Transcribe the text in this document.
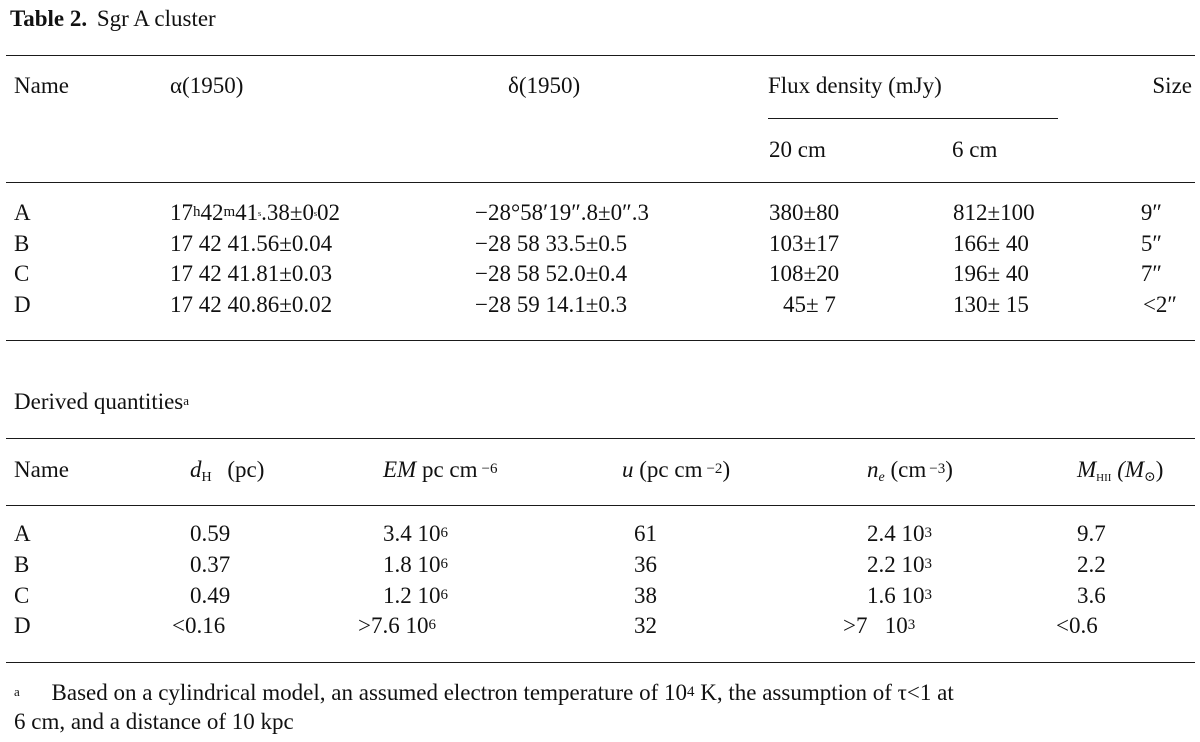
Table 2. Sgr A cluster
Name	α(1950)	δ(1950)	Flux density (mJy)	Size
20 cm	6 cm
A	$17^h42^m41ˢ.38\pm 0ˢ02$	−28°58′19″.8±0″.3	380±80	812±100	9″
B	17 42 41.56±0.04	−28 58 33.5±0.5	103±17	166± 40	5″
C	17 42 41.81±0.03	−28 58 52.0±0.4	108±20	196± 40	7″
D	17 42 40.86±0.02	−28 59 14.1±0.3	45± 7	130± 15	<2″
Derived quantities$^a$
Name	$d_H$ (pc)	EM pc cm $^{-6}$	u (pc cm $^{-2}$)	$n_e$ (cm $^{-3}$)	$M_{HII}$ $(M_⊙)$
A	0.59	3.4 $10^6$	61	2.4 $10^3$	9.7
B	0.37	1.8 $10^6$	36	2.2 $10^3$	2.2
C	0.49	1.2 $10^6$	38	1.6 $10^3$	3.6
D	<0.16	>7.6 $10^6$	32	>7   $10^3$	<0.6
$^a$ Based on a cylindrical model, an assumed electron temperature of $10^4$ K, the assumption of τ<1 at
6 cm, and a distance of 10 kpc
